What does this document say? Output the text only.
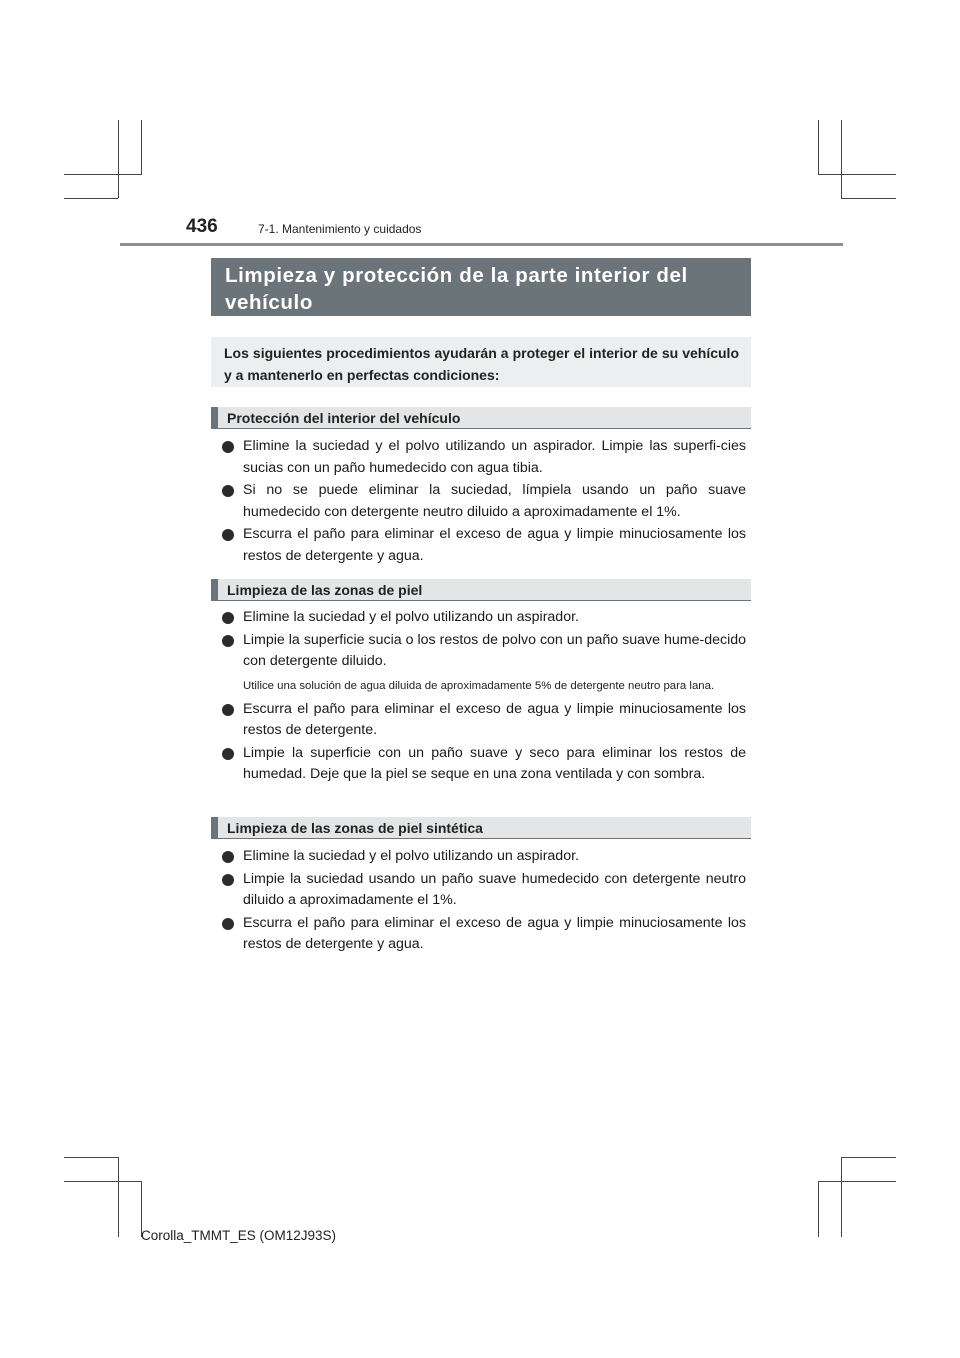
436	7-1. Mantenimiento y cuidados
Limpieza y protección de la parte interior del vehículo
Los siguientes procedimientos ayudarán a proteger el interior de su vehículo y a mantenerlo en perfectas condiciones:
Protección del interior del vehículo
Elimine la suciedad y el polvo utilizando un aspirador. Limpie las superfi-cies sucias con un paño humedecido con agua tibia.
Si no se puede eliminar la suciedad, límpiela usando un paño suave humedecido con detergente neutro diluido a aproximadamente el 1%.
Escurra el paño para eliminar el exceso de agua y limpie minuciosamente los restos de detergente y agua.
Limpieza de las zonas de piel
Elimine la suciedad y el polvo utilizando un aspirador.
Limpie la superficie sucia o los restos de polvo con un paño suave hume-decido con detergente diluido.
Utilice una solución de agua diluida de aproximadamente 5% de detergente neutro para lana.
Escurra el paño para eliminar el exceso de agua y limpie minuciosamente los restos de detergente.
Limpie la superficie con un paño suave y seco para eliminar los restos de humedad. Deje que la piel se seque en una zona ventilada y con sombra.
Limpieza de las zonas de piel sintética
Elimine la suciedad y el polvo utilizando un aspirador.
Limpie la suciedad usando un paño suave humedecido con detergente neutro diluido a aproximadamente el 1%.
Escurra el paño para eliminar el exceso de agua y limpie minuciosamente los restos de detergente y agua.
Corolla_TMMT_ES (OM12J93S)
